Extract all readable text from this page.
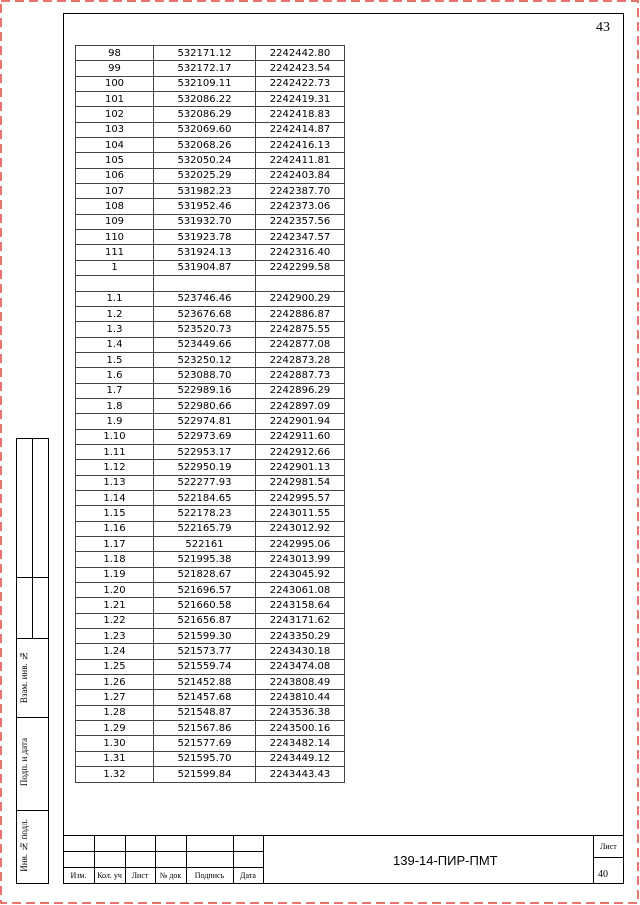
43
98	532171.12	2242442.80
99	532172.17	2242423.54
100	532109.11	2242422.73
101	532086.22	2242419.31
102	532086.29	2242418.83
103	532069.60	2242414.87
104	532068.26	2242416.13
105	532050.24	2242411.81
106	532025.29	2242403.84
107	531982.23	2242387.70
108	531952.46	2242373.06
109	531932.70	2242357.56
110	531923.78	2242347.57
111	531924.13	2242316.40
1	531904.87	2242299.58

1.1	523746.46	2242900.29
1.2	523676.68	2242886.87
1.3	523520.73	2242875.55
1.4	523449.66	2242877.08
1.5	523250.12	2242873.28
1.6	523088.70	2242887.73
1.7	522989.16	2242896.29
1.8	522980.66	2242897.09
1.9	522974.81	2242901.94
1.10	522973.69	2242911.60
1.11	522953.17	2242912.66
1.12	522950.19	2242901.13
1.13	522277.93	2242981.54
1.14	522184.65	2242995.57
1.15	522178.23	2243011.55
1.16	522165.79	2243012.92
1.17	522161	2242995.06
1.18	521995.38	2243013.99
1.19	521828.67	2243045.92
1.20	521696.57	2243061.08
1.21	521660.58	2243158.64
1.22	521656.87	2243171.62
1.23	521599.30	2243350.29
1.24	521573.77	2243430.18
1.25	521559.74	2243474.08
1.26	521452.88	2243808.49
1.27	521457.68	2243810.44
1.28	521548.87	2243536.38
1.29	521567.86	2243500.16
1.30	521577.69	2243482.14
1.31	521595.70	2243449.12
1.32	521599.84	2243443.43
Взам. инв. №
Подп. и дата
Инв. № подл.
Изм.	Кол. уч	Лист	№ док	Подпись	Дата
139-14-ПИР-ПМТ
Лист
40
